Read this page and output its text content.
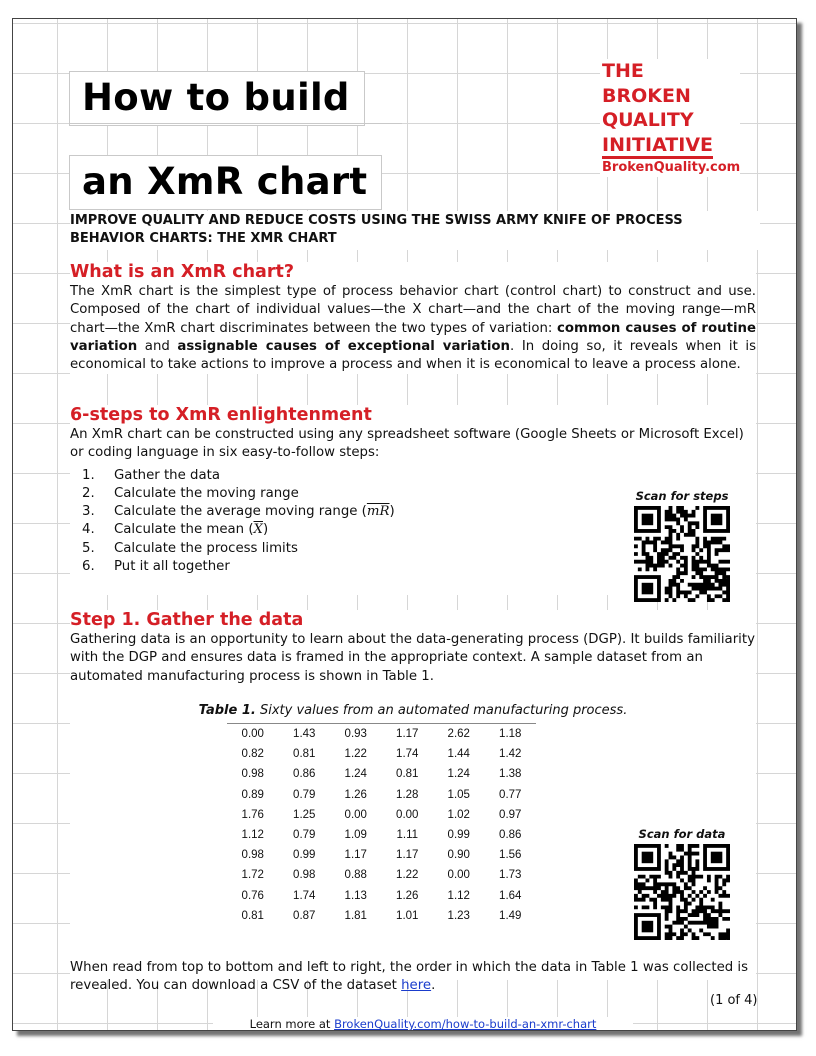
How to build
an XmR chart
THE
BROKEN
QUALITY
INITIATIVE
BrokenQuality.com
IMPROVE QUALITY AND REDUCE COSTS USING THE SWISS ARMY KNIFE OF PROCESS BEHAVIOR CHARTS: THE XMR CHART
What is an XmR chart?

The XmR chart is the simplest type of process behavior chart (control chart) to construct and use. Composed of the chart of individual values—the X chart—and the chart of the moving range—mR chart—the XmR chart discriminates between the two types of variation: common causes of routine variation and assignable causes of exceptional variation. In doing so, it reveals when it is economical to take actions to improve a process and when it is economical to leave a process alone.

6-steps to XmR enlightenment

An XmR chart can be constructed using any spreadsheet software (Google Sheets or Microsoft Excel) or coding language in six easy-to-follow steps:

1.	Gather the data
2.	Calculate the moving range
3.	Calculate the average moving range $(\overline{mR})$
4.	Calculate the mean $(\overline{X})$
5.	Calculate the process limits
6.	Put it all together
Scan for steps
Step 1. Gather the data

Gathering data is an opportunity to learn about the data-generating process (DGP). It builds familiarity with the DGP and ensures data is framed in the appropriate context. A sample dataset from an automated manufacturing process is shown in Table 1.

Table 1. Sixty values from an automated manufacturing process.
0.00	1.43	0.93	1.17	2.62	1.18
0.82	0.81	1.22	1.74	1.44	1.42
0.98	0.86	1.24	0.81	1.24	1.38
0.89	0.79	1.26	1.28	1.05	0.77
1.76	1.25	0.00	0.00	1.02	0.97
1.12	0.79	1.09	1.11	0.99	0.86
0.98	0.99	1.17	1.17	0.90	1.56
1.72	0.98	0.88	1.22	0.00	1.73
0.76	1.74	1.13	1.26	1.12	1.64
0.81	0.87	1.81	1.01	1.23	1.49
Scan for data

When read from top to bottom and left to right, the order in which the data in Table 1 was collected is revealed. You can download a CSV of the dataset here.

(1 of 4)
Learn more at BrokenQuality.com/how-to-build-an-xmr-chart
